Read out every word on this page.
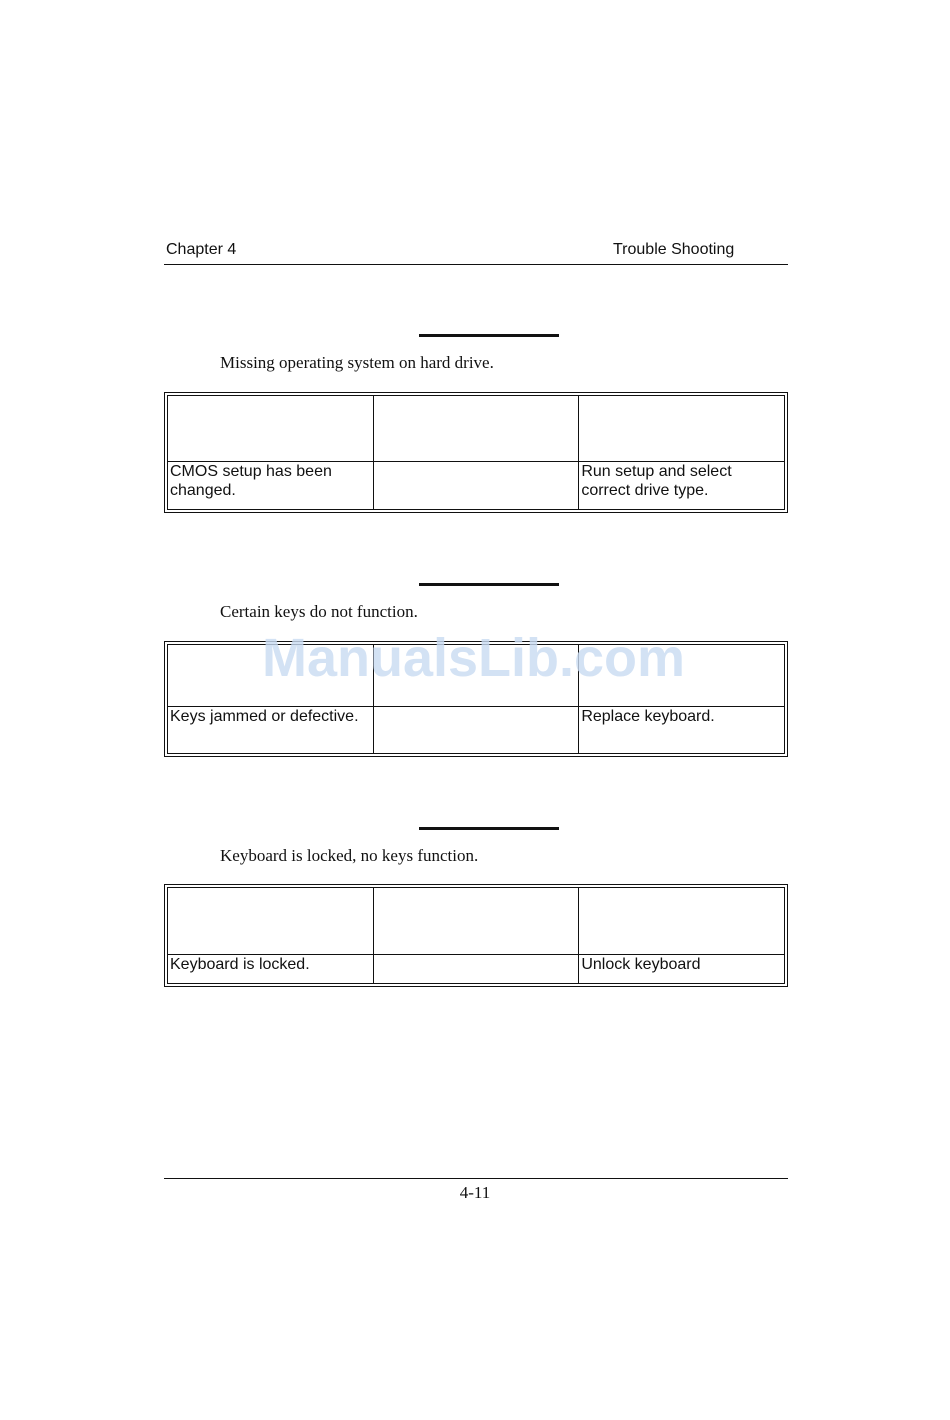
Chapter 4	Trouble Shooting
Missing operating system on hard drive.

CMOS setup has been changed.		Run setup and select correct drive type.
Certain keys do not function.

Keys jammed or defective.		Replace keyboard.
Keyboard is locked, no keys function.

Keyboard is locked.		Unlock keyboard
ManualsLib.com
4-11
